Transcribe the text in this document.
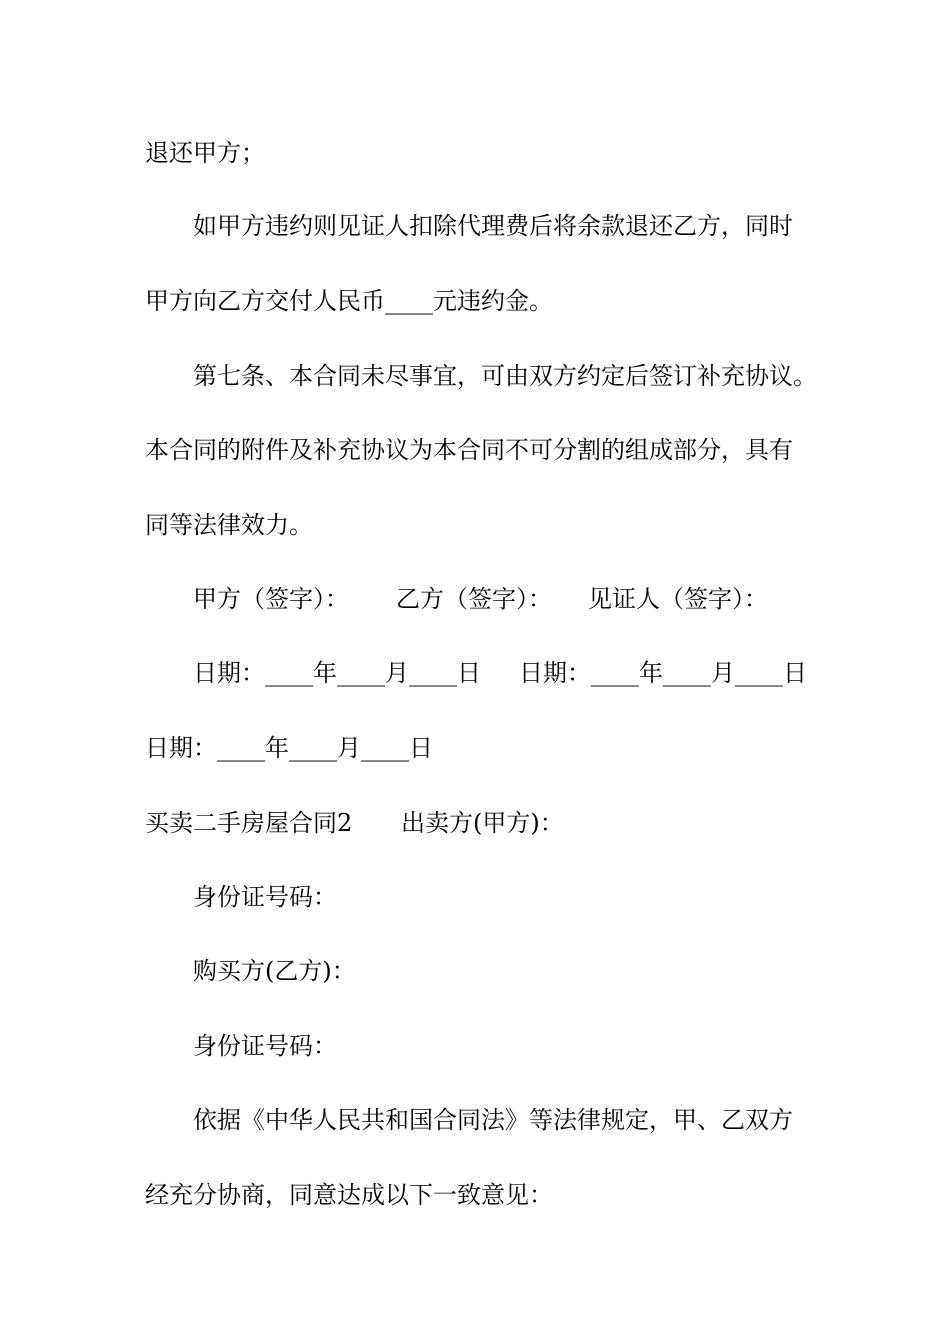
退还甲方；
如甲方违约则见证人扣除代理费后将余款退还乙方，同时
甲方向乙方交付人民币____元违约金。
第七条、本合同未尽事宜，可由双方约定后签订补充协议。
本合同的附件及补充协议为本合同不可分割的组成部分，具有
同等法律效力。
甲方（签字）： 乙方（签字）： 见证人（签字）：
日期：____年____月____日 日期：____年____月____日
日期：____年____月____日
买卖二手房屋合同2 出卖方(甲方)：
身份证号码：
购买方(乙方)：
身份证号码：
依据《中华人民共和国合同法》等法律规定，甲、乙双方
经充分协商，同意达成以下一致意见：
